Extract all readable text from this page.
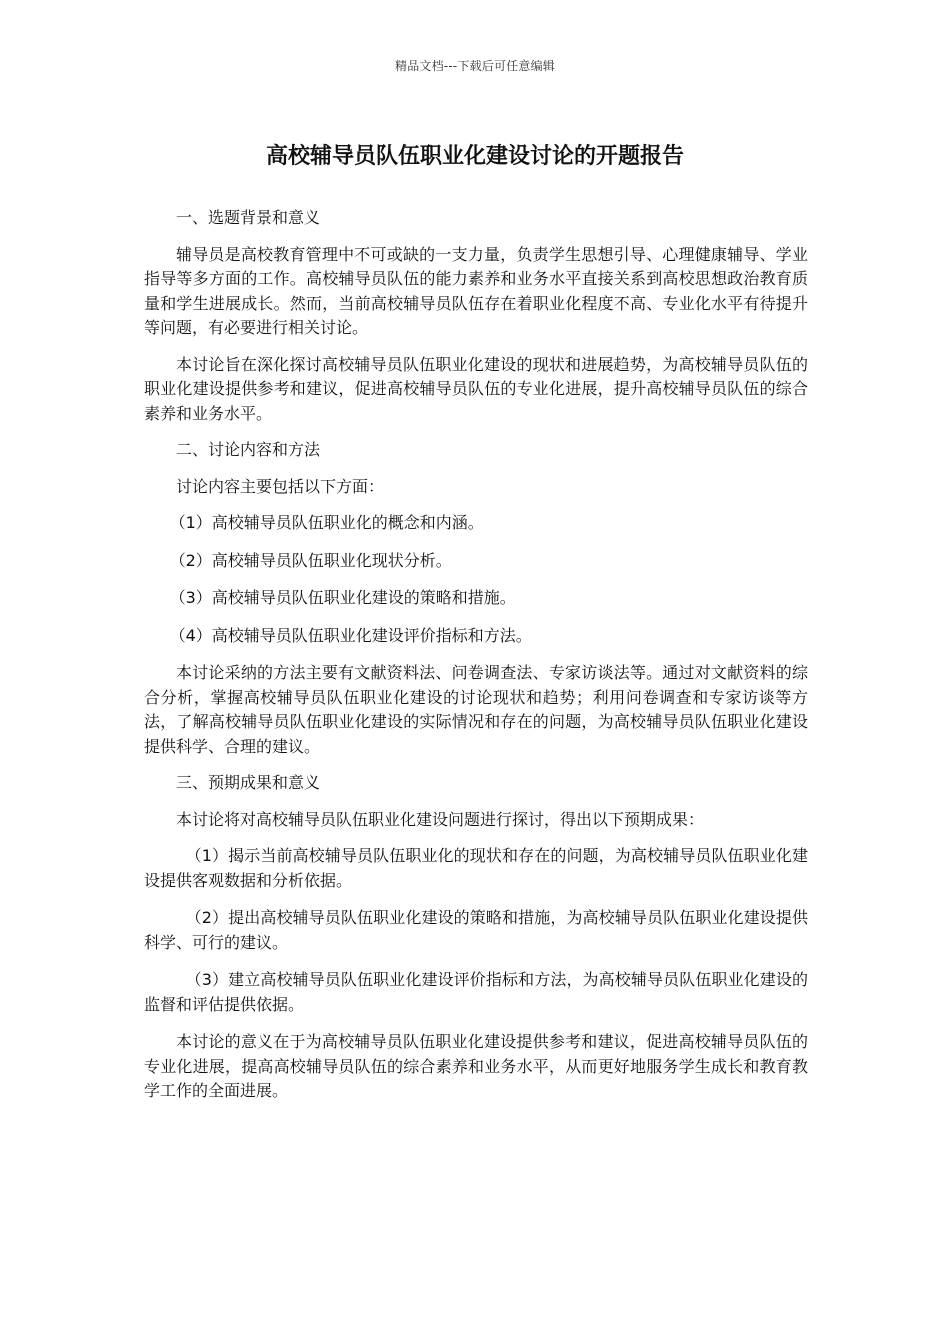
精品文档---下载后可任意编辑
高校辅导员队伍职业化建设讨论的开题报告
一、选题背景和意义
辅导员是高校教育管理中不可或缺的一支力量，负责学生思想引导、心理健康辅导、学业指导等多方面的工作。高校辅导员队伍的能力素养和业务水平直接关系到高校思想政治教育质量和学生进展成长。然而，当前高校辅导员队伍存在着职业化程度不高、专业化水平有待提升等问题，有必要进行相关讨论。
本讨论旨在深化探讨高校辅导员队伍职业化建设的现状和进展趋势，为高校辅导员队伍的职业化建设提供参考和建议，促进高校辅导员队伍的专业化进展，提升高校辅导员队伍的综合素养和业务水平。
二、讨论内容和方法
讨论内容主要包括以下方面：
（1）高校辅导员队伍职业化的概念和内涵。
（2）高校辅导员队伍职业化现状分析。
（3）高校辅导员队伍职业化建设的策略和措施。
（4）高校辅导员队伍职业化建设评价指标和方法。
本讨论采纳的方法主要有文献资料法、问卷调查法、专家访谈法等。通过对文献资料的综合分析，掌握高校辅导员队伍职业化建设的讨论现状和趋势；利用问卷调查和专家访谈等方法，了解高校辅导员队伍职业化建设的实际情况和存在的问题，为高校辅导员队伍职业化建设提供科学、合理的建议。
三、预期成果和意义
本讨论将对高校辅导员队伍职业化建设问题进行探讨，得出以下预期成果：
（1）揭示当前高校辅导员队伍职业化的现状和存在的问题，为高校辅导员队伍职业化建设提供客观数据和分析依据。
（2）提出高校辅导员队伍职业化建设的策略和措施，为高校辅导员队伍职业化建设提供科学、可行的建议。
（3）建立高校辅导员队伍职业化建设评价指标和方法，为高校辅导员队伍职业化建设的监督和评估提供依据。
本讨论的意义在于为高校辅导员队伍职业化建设提供参考和建议，促进高校辅导员队伍的专业化进展，提高高校辅导员队伍的综合素养和业务水平，从而更好地服务学生成长和教育教学工作的全面进展。
